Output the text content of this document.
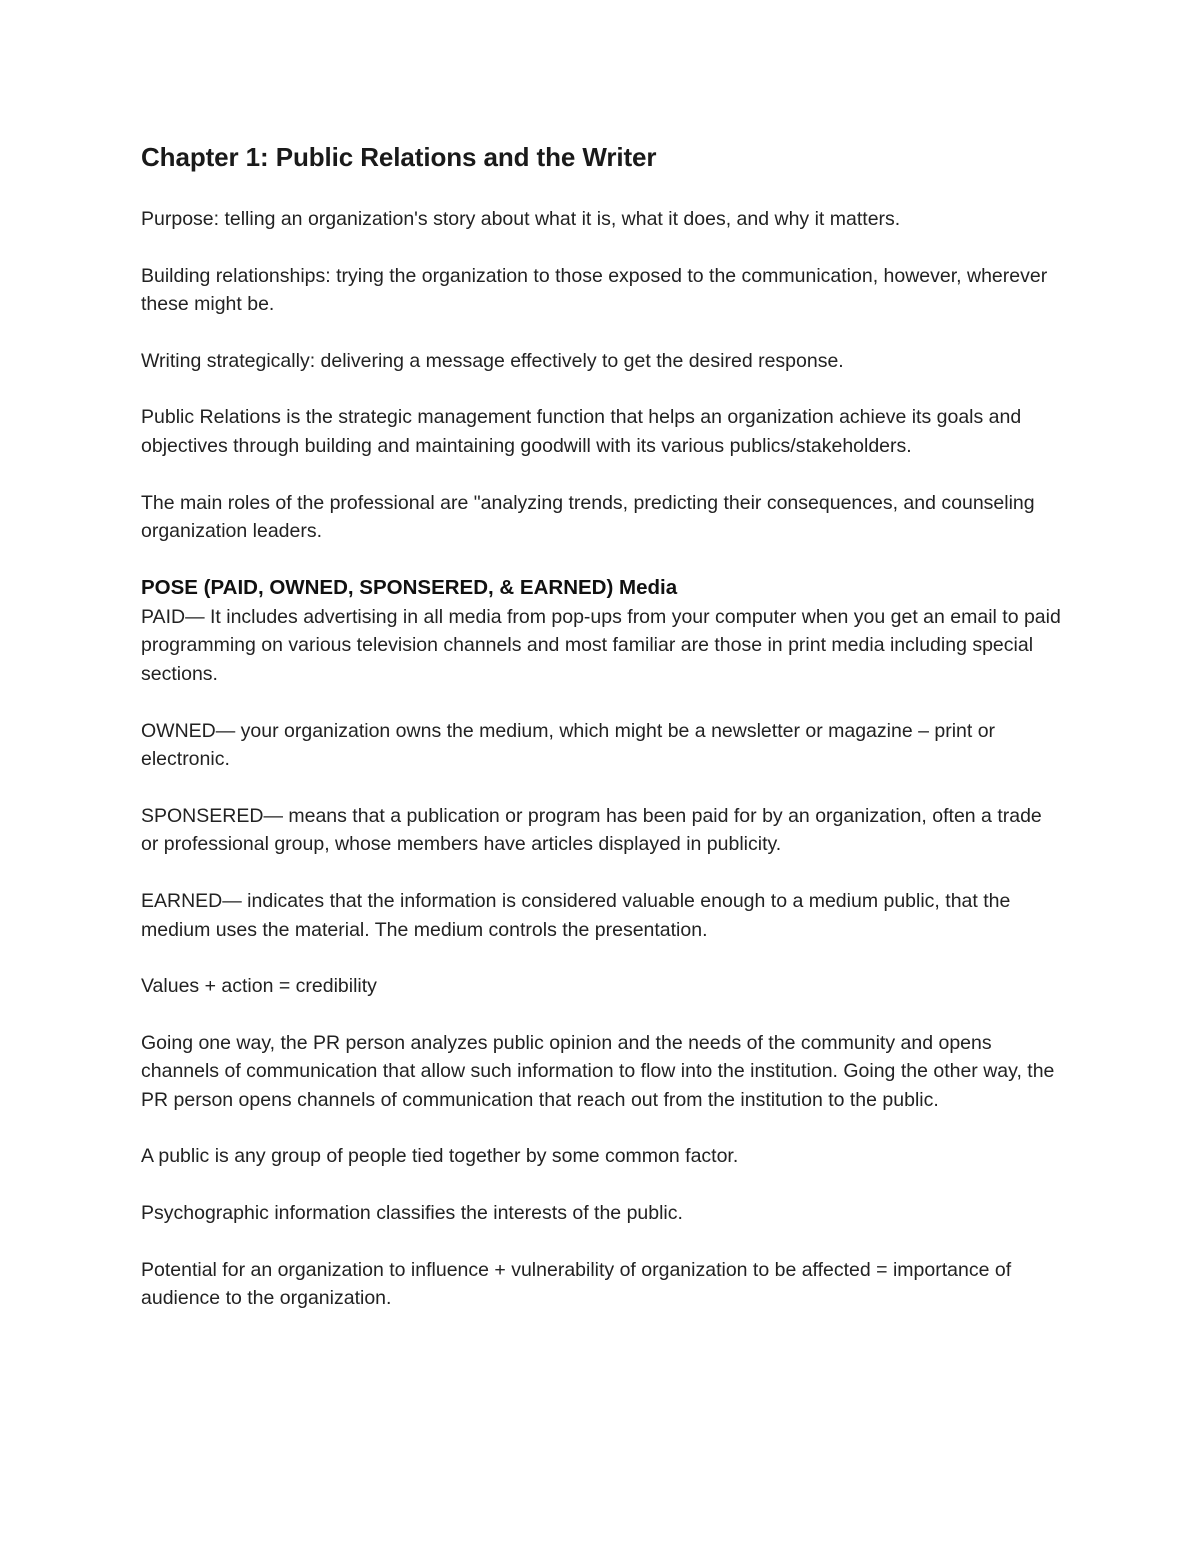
Chapter 1: Public Relations and the Writer

Purpose: telling an organization's story about what it is, what it does, and why it matters.

Building relationships: trying the organization to those exposed to the communication, however, wherever these might be.

Writing strategically: delivering a message effectively to get the desired response.

Public Relations is the strategic management function that helps an organization achieve its goals and objectives through building and maintaining goodwill with its various publics/stakeholders.

The main roles of the professional are "analyzing trends, predicting their consequences, and counseling organization leaders.

POSE (PAID, OWNED, SPONSERED, & EARNED) Media

PAID— It includes advertising in all media from pop-ups from your computer when you get an email to paid programming on various television channels and most familiar are those in print media including special sections.

OWNED— your organization owns the medium, which might be a newsletter or magazine – print or electronic.

SPONSERED— means that a publication or program has been paid for by an organization, often a trade or professional group, whose members have articles displayed in publicity.

EARNED— indicates that the information is considered valuable enough to a medium public, that the medium uses the material. The medium controls the presentation.

Values + action = credibility

Going one way, the PR person analyzes public opinion and the needs of the community and opens channels of communication that allow such information to flow into the institution. Going the other way, the PR person opens channels of communication that reach out from the institution to the public.

A public is any group of people tied together by some common factor.

Psychographic information classifies the interests of the public.

Potential for an organization to influence + vulnerability of organization to be affected = importance of audience to the organization.
